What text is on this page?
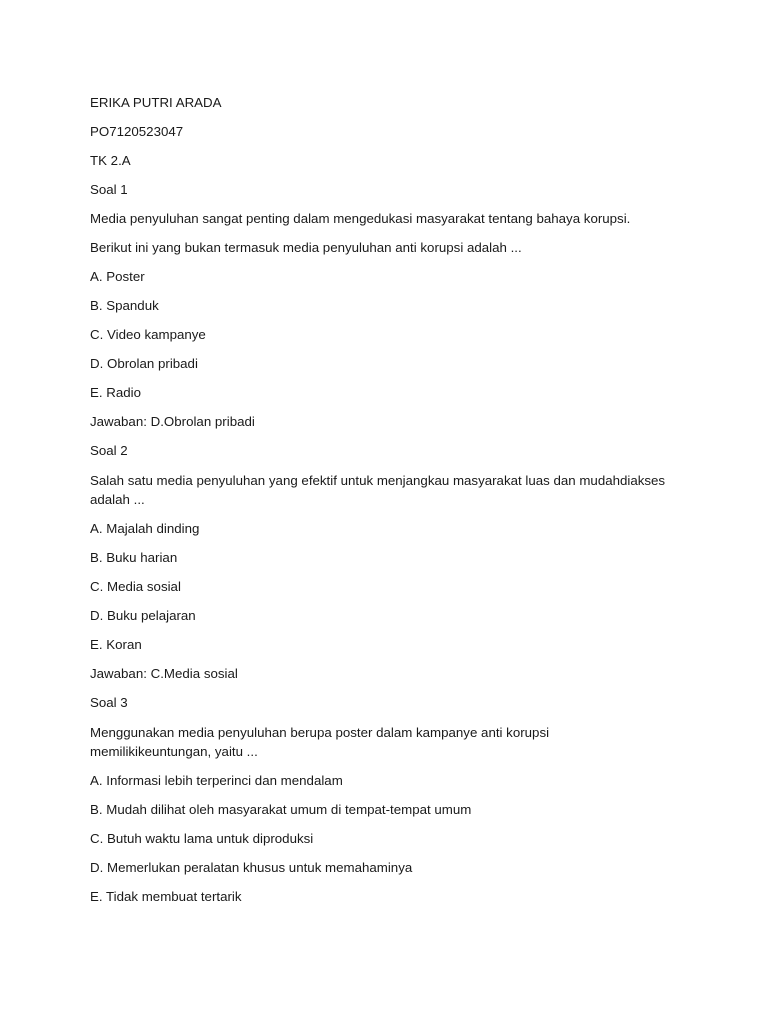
ERIKA PUTRI ARADA

PO7120523047

TK 2.A

Soal 1

Media penyuluhan sangat penting dalam mengedukasi masyarakat tentang bahaya korupsi.

Berikut ini yang bukan termasuk media penyuluhan anti korupsi adalah ...

A. Poster

B. Spanduk

C. Video kampanye

D. Obrolan pribadi

E. Radio

Jawaban: D.Obrolan pribadi

Soal 2

Salah satu media penyuluhan yang efektif untuk menjangkau masyarakat luas dan mudahdiakses adalah ...

A. Majalah dinding

B. Buku harian

C. Media sosial

D. Buku pelajaran

E. Koran

Jawaban: C.Media sosial

Soal 3

Menggunakan media penyuluhan berupa poster dalam kampanye anti korupsi memilikikeuntungan, yaitu ...

A. Informasi lebih terperinci dan mendalam

B. Mudah dilihat oleh masyarakat umum di tempat-tempat umum

C. Butuh waktu lama untuk diproduksi

D. Memerlukan peralatan khusus untuk memahaminya

E. Tidak membuat tertarik
